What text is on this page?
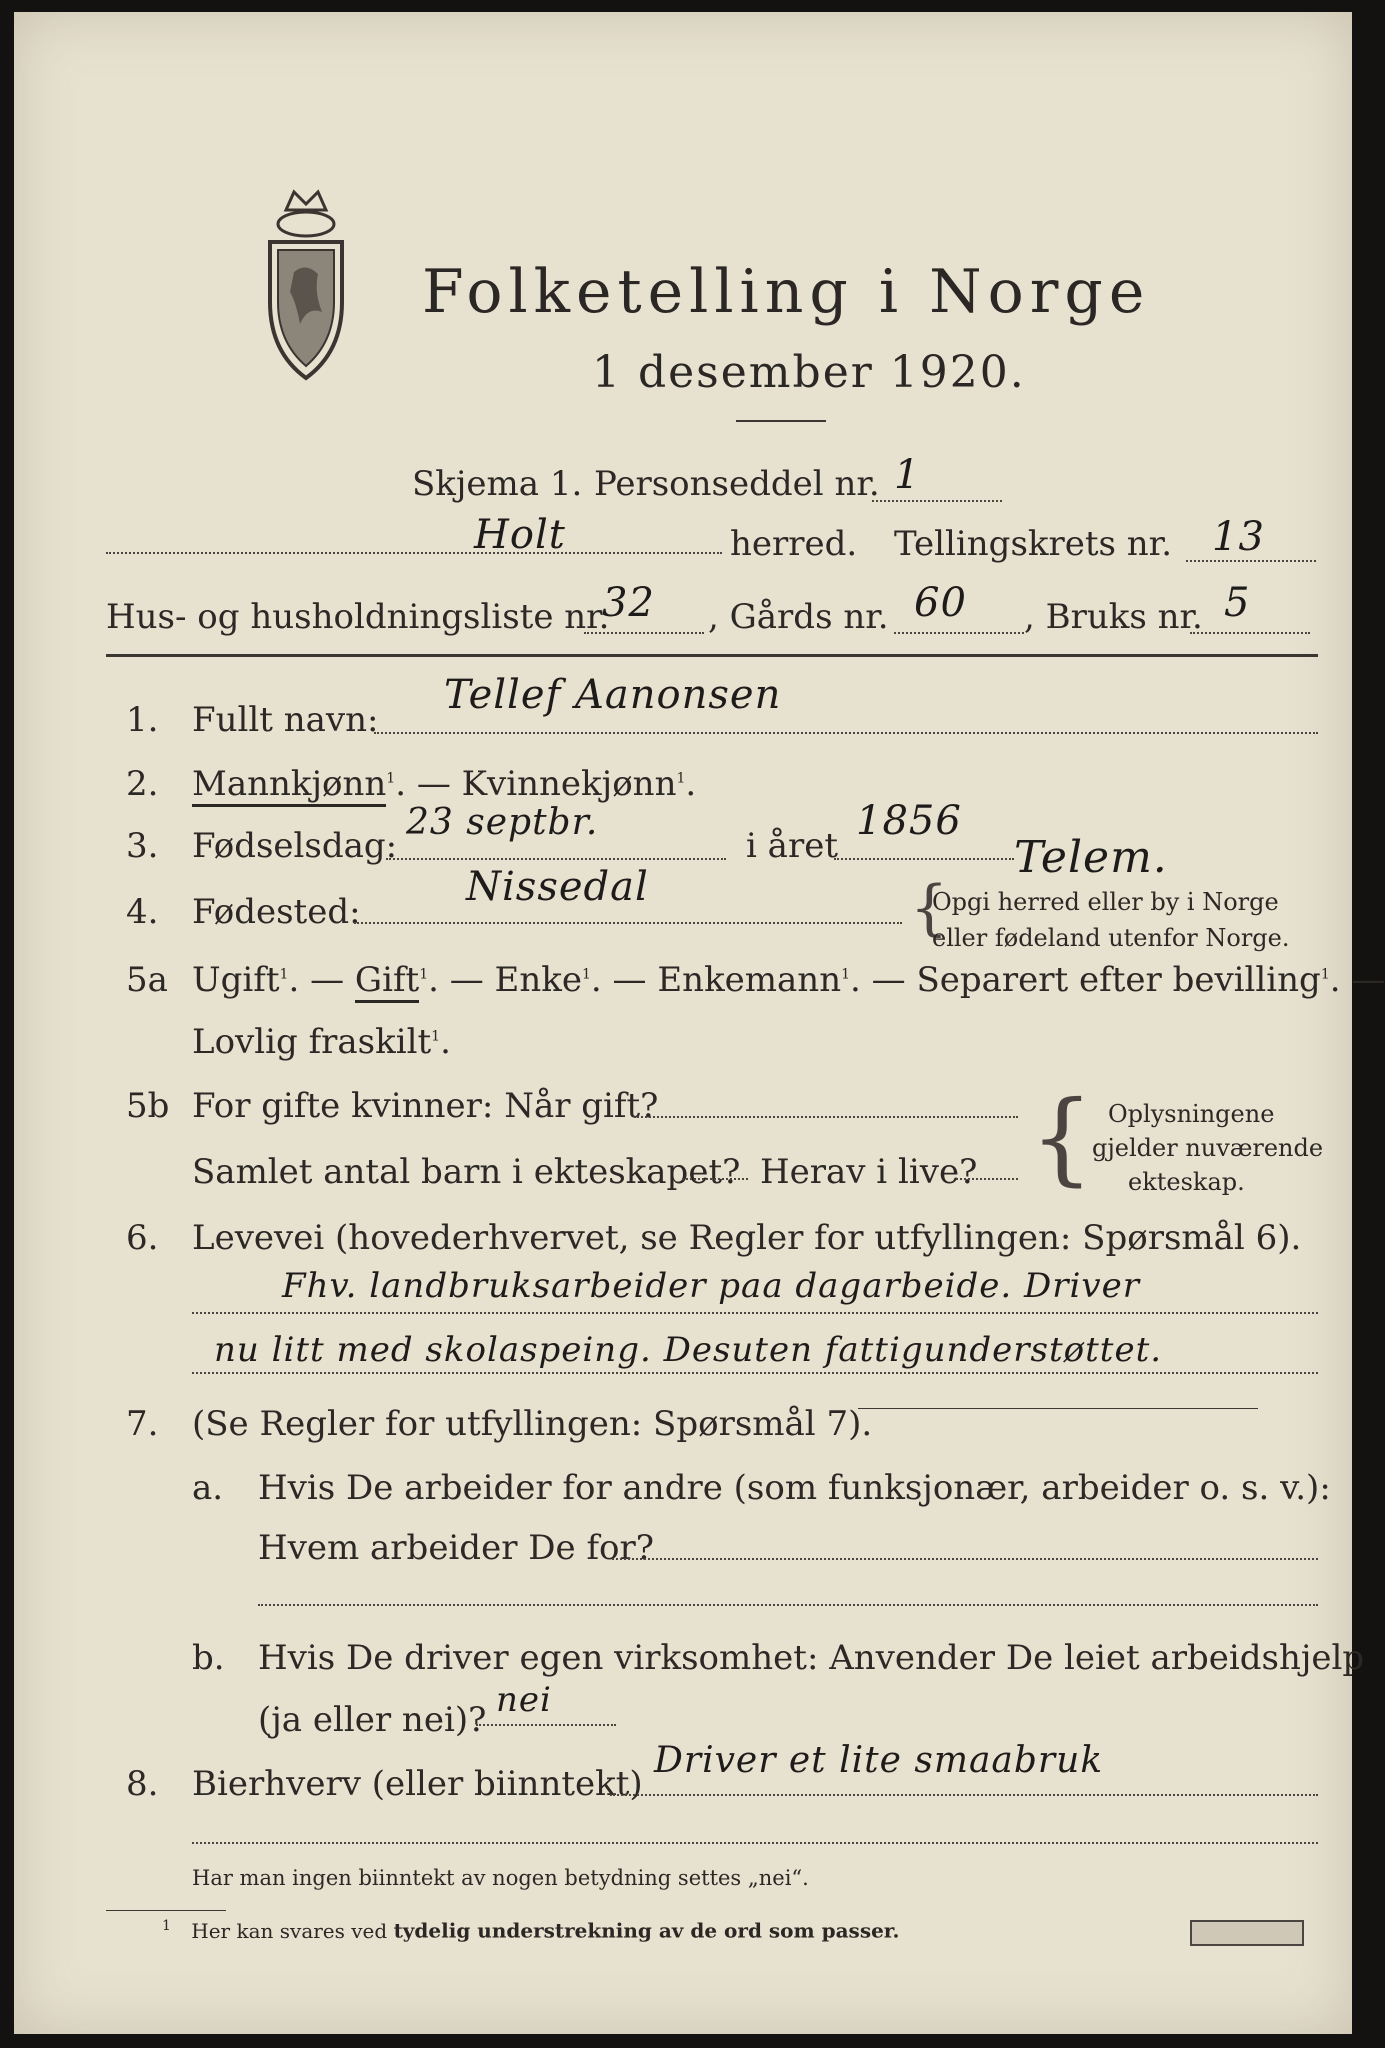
Folketelling i Norge
1 desember 1920.
Skjema 1. Personseddel nr. 1
Holt	herred. Tellingskrets nr. 13
Hus- og husholdningsliste nr.
32 , Gårds nr. 60 , Bruks nr. 5
1. Fullt navn:
Tellef Aanonsen
2. Mannkjønn$^1$. — Kvinnekjønn$^1$.
3. Fødselsdag:
23 septbr.
i året
1856
Telem.
4. Fødested:
Nissedal	{
Opgi herred eller by i Norge
eller fødeland utenfor Norge.
5a Ugift$^1$. — Gift$^1$. — Enke$^1$. — Enkemann$^1$. — Separert efter bevilling$^1$. —
Lovlig fraskilt$^1$.
5b For gifte kvinner: Når gift?
Samlet antal barn i ekteskapet? Herav i live? { Oplysningene
gjelder nuværende
ekteskap.
6. Levevei (hovederhvervet, se Regler for utfyllingen: Spørsmål 6).
Fhv. landbruksarbeider paa dagarbeide. Driver
nu litt med skolaspeing. Desuten fattigunderstøttet.
7. (Se Regler for utfyllingen: Spørsmål 7).
a. Hvis De arbeider for andre (som funksjonær, arbeider o. s. v.):
Hvem arbeider De for?
b. Hvis De driver egen virksomhet: Anvender De leiet arbeidshjelp
(ja eller nei)? nei
8. Bierhverv (eller biinntekt)
Driver et lite smaabruk
Har man ingen biinntekt av nogen betydning settes „nei“.
$^1$ Her kan svares ved tydelig understrekning av de ord som passer.
